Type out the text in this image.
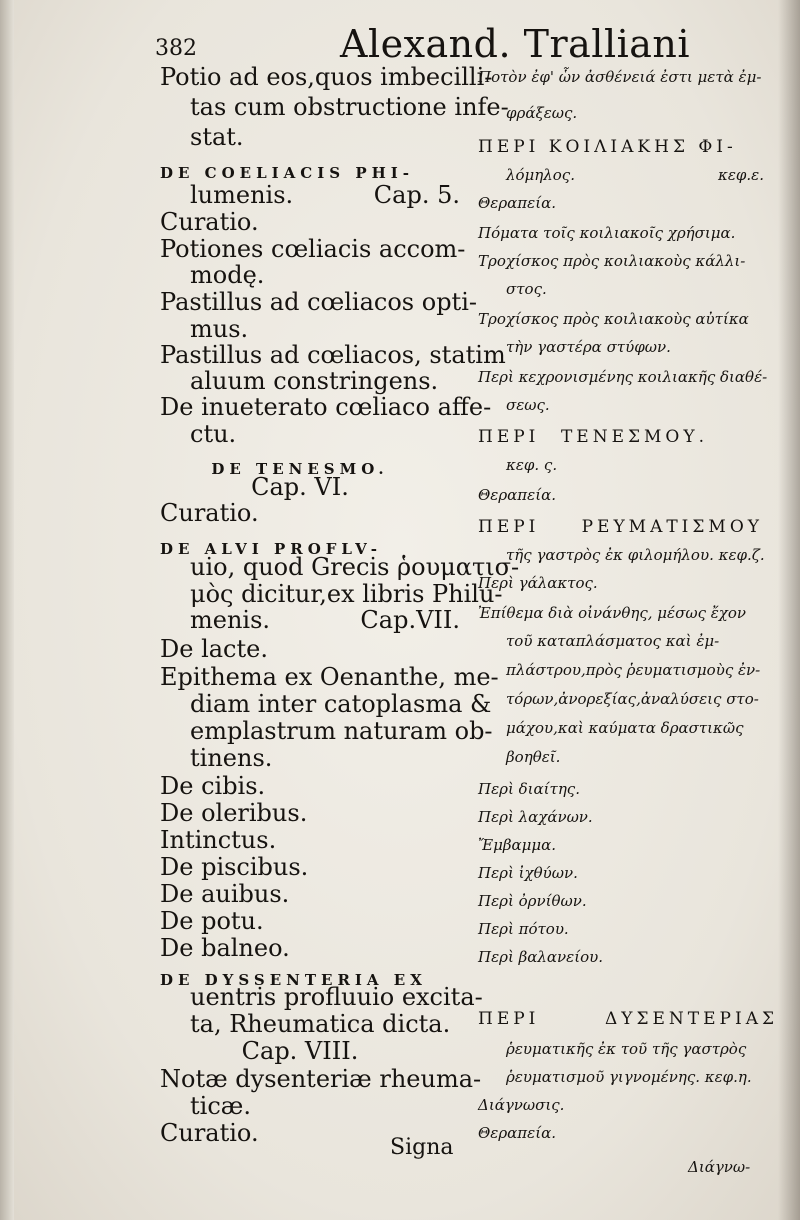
382	Alexand. Tralliani
Potio ad eos,quos imbecilli-
tas cum obstructione infe-
stat.
DE COELIACIS PHI-
lumenis.	Cap. 5.
Curatio.
Potiones cœliacis accom-
modę.
Pastillus ad cœliacos opti-
mus.
Pastillus ad cœliacos, statim
aluum constringens.
De inueterato cœliaco affe-
ctu.
DE TENESMO.
Cap. VI.
Curatio.
DE ALVI PROFLV-
uio, quod Grecis ῥουματισ-
μὸς dicitur,ex libris Philu-
menis.	Cap.VII.
De lacte.
Epithema ex Oenanthe, me-
diam inter catoplasma &
emplastrum naturam ob-
tinens.
De cibis.
De oleribus.
Intinctus.
De piscibus.
De auibus.
De potu.
De balneo.
DE DYSSENTERIA EX
uentris profluuio excita-
ta, Rheumatica dicta.
Cap. VIII.
Notæ dysenteriæ rheuma-
ticæ.
Curatio.
Ποτὸν ἐφ' ὧν ἀσθένειά ἐστι μετὰ ἐμ-
φράξεως.
ΠΕΡΙ ΚΟΙΛΙΑΚΗΣ ΦΙ-
λόμηλος.	κεφ.ε.
Θεραπεία.
Πόματα τοῖς κοιλιακοῖς χρήσιμα.
Τροχίσκος πρὸς κοιλιακοὺς κάλλι-
στος.
Τροχίσκος πρὸς κοιλιακοὺς αὐτίκα
τὴν γαστέρα στύφων.
Περὶ κεχρονισμένης κοιλιακῆς διαθέ-
σεως.
ΠΕΡΙ ΤΕΝΕΣΜΟΥ.
κεφ. ς.
Θεραπεία.
ΠΕΡΙ ΡΕΥΜΑΤΙΣΜΟΥ
τῆς γαστρὸς ἐκ φιλομήλου. κεφ.ζ.
Περὶ γάλακτος.
Ἐπίθεμα διὰ οἰνάνθης, μέσως ἔχον
τοῦ καταπλάσματος καὶ ἐμ-
πλάστρου,πρὸς ῥευματισμοὺς ἐν-
τόρων,ἀνορεξίας,ἀναλύσεις στο-
μάχου,καὶ καύματα δραστικῶς
βοηθεῖ.
Περὶ διαίτης.
Περὶ λαχάνων.
Ἔμβαμμα.
Περὶ ἰχθύων.
Περὶ ὀρνίθων.
Περὶ πότου.
Περὶ βαλανείου.
ΠΕΡΙ	ΔΥΣΕΝΤΕΡΙΑΣ
ῥευματικῆς ἐκ τοῦ τῆς γαστρὸς
ῥευματισμοῦ γιγνομένης. κεφ.η.
Διάγνωσις.
Θεραπεία.
Signa
Διάγνω-
